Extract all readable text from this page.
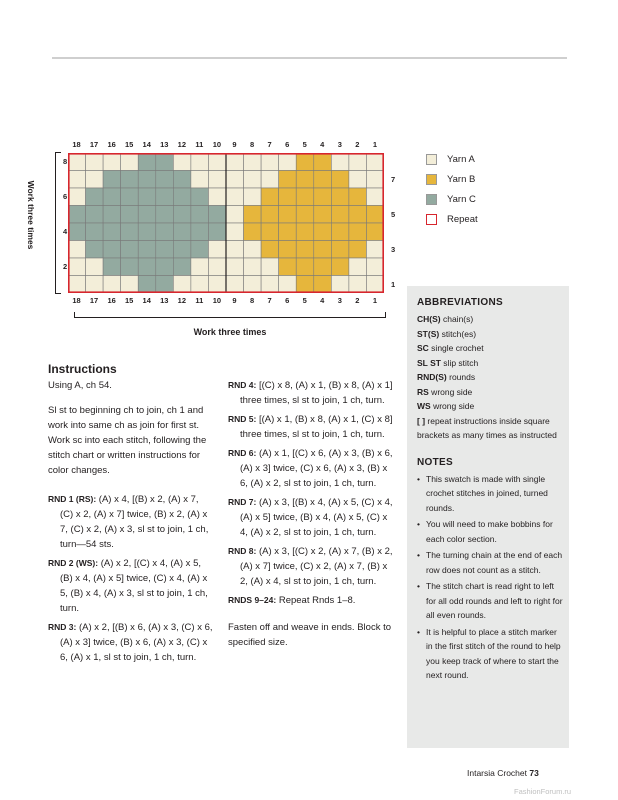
18	17	16	15	14	13	12	11	10	9	8	7	6	5	4	3	2	1
18	17	16	15	14	13	12	11	10	9	8	7	6	5	4	3	2	1
8
6
4
2
7
5
3
1
Work three times
Work three times
Yarn A
Yarn B
Yarn C
Repeat
Instructions

Using A, ch 54.

Sl st to beginning ch to join, ch 1 and work into same ch as join for first st. Work sc into each stitch, following the stitch chart or written instructions for color changes.

RND 1 (RS): (A) x 4, [(B) x 2, (A) x 7, (C) x 2, (A) x 7] twice, (B) x 2, (A) x 7, (C) x 2, (A) x 3, sl st to join, 1 ch, turn—54 sts.

RND 2 (WS): (A) x 2, [(C) x 4, (A) x 5, (B) x 4, (A) x 5] twice, (C) x 4, (A) x 5, (B) x 4, (A) x 3, sl st to join, 1 ch, turn.

RND 3: (A) x 2, [(B) x 6, (A) x 3, (C) x 6, (A) x 3] twice, (B) x 6, (A) x 3, (C) x 6, (A) x 1, sl st to join, 1 ch, turn.

RND 4: [(C) x 8, (A) x 1, (B) x 8, (A) x 1] three times, sl st to join, 1 ch, turn.

RND 5: [(A) x 1, (B) x 8, (A) x 1, (C) x 8] three times, sl st to join, 1 ch, turn.

RND 6: (A) x 1, [(C) x 6, (A) x 3, (B) x 6, (A) x 3] twice, (C) x 6, (A) x 3, (B) x 6, (A) x 2, sl st to join, 1 ch, turn.

RND 7: (A) x 3, [(B) x 4, (A) x 5, (C) x 4, (A) x 5] twice, (B) x 4, (A) x 5, (C) x 4, (A) x 2, sl st to join, 1 ch, turn.

RND 8: (A) x 3, [(C) x 2, (A) x 7, (B) x 2, (A) x 7] twice, (C) x 2, (A) x 7, (B) x 2, (A) x 4, sl st to join, 1 ch, turn.

RNDS 9–24: Repeat Rnds 1–8.

Fasten off and weave in ends. Block to specified size.

ABBREVIATIONS
CH(S) chain(s)
ST(S) stitch(es)
SC single crochet
SL ST slip stitch
RND(S) rounds
RS wrong side
WS wrong side
[ ] repeat instructions inside square brackets as many times as instructed
NOTES
• This swatch is made with single crochet stitches in joined, turned rounds.
• You will need to make bobbins for each color section.
• The turning chain at the end of each row does not count as a stitch.
• The stitch chart is read right to left for all odd rounds and left to right for all even rounds.
• It is helpful to place a stitch marker in the first stitch of the round to help you keep track of where to start the next round.
Intarsia Crochet 73
FashionForum.ru
